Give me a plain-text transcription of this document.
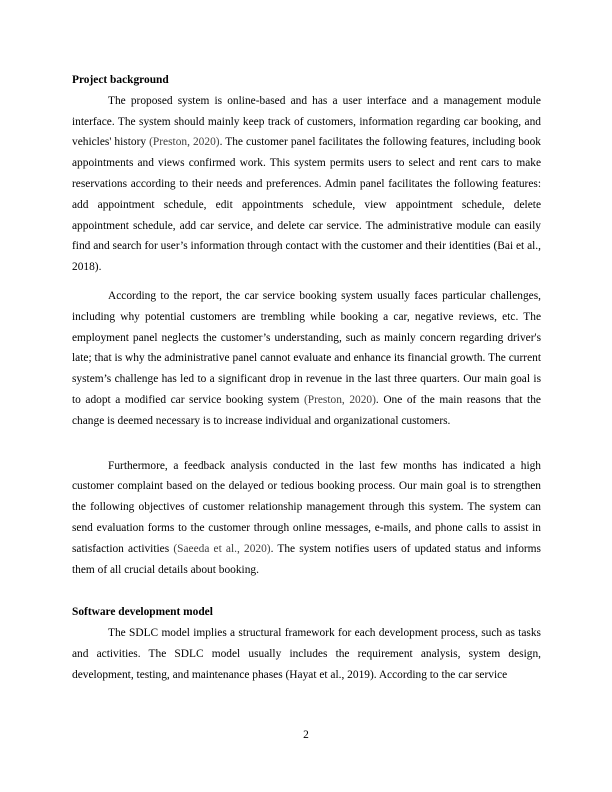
Project background

The proposed system is online-based and has a user interface and a management module interface. The system should mainly keep track of customers, information regarding car booking, and vehicles' history (Preston, 2020). The customer panel facilitates the following features, including book appointments and views confirmed work. This system permits users to select and rent cars to make reservations according to their needs and preferences. Admin panel facilitates the following features: add appointment schedule, edit appointments schedule, view appointment schedule, delete appointment schedule, add car service, and delete car service. The administrative module can easily find and search for user’s information through contact with the customer and their identities (Bai et al., 2018).

According to the report, the car service booking system usually faces particular challenges, including why potential customers are trembling while booking a car, negative reviews, etc. The employment panel neglects the customer’s understanding, such as mainly concern regarding driver's late; that is why the administrative panel cannot evaluate and enhance its financial growth. The current system’s challenge has led to a significant drop in revenue in the last three quarters. Our main goal is to adopt a modified car service booking system (Preston, 2020). One of the main reasons that the change is deemed necessary is to increase individual and organizational customers.

Furthermore, a feedback analysis conducted in the last few months has indicated a high customer complaint based on the delayed or tedious booking process. Our main goal is to strengthen the following objectives of customer relationship management through this system. The system can send evaluation forms to the customer through online messages, e-mails, and phone calls to assist in satisfaction activities (Saeeda et al., 2020). The system notifies users of updated status and informs them of all crucial details about booking.

Software development model

The SDLC model implies a structural framework for each development process, such as tasks and activities. The SDLC model usually includes the requirement analysis, system design, development, testing, and maintenance phases (Hayat et al., 2019). According to the car service

2
